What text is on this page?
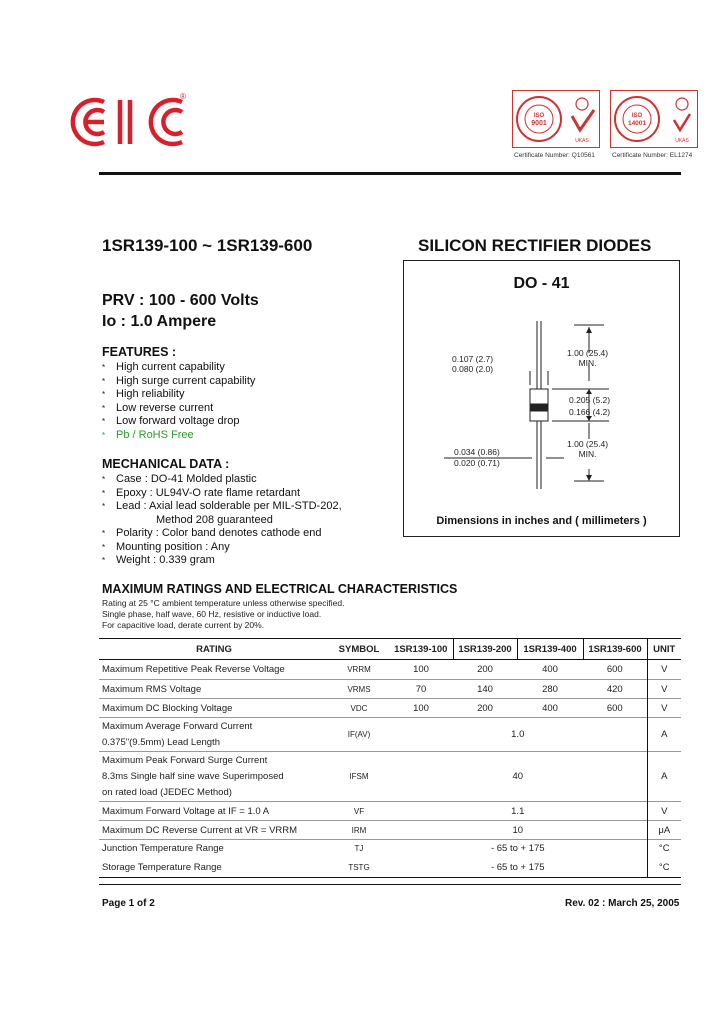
®
ISO
9001
UKAS
Certificate Number: Q10561
ISO
14001
UKAS
Certificate Number: EL1274
1SR139-100 ~ 1SR139-600	SILICON RECTIFIER DIODES
PRV : 100 - 600 Volts
Io : 1.0 Ampere
FEATURES :
* High current capability
* High surge current capability
* High reliability
* Low reverse current
* Low forward voltage drop
* Pb / RoHS Free
MECHANICAL DATA :
* Case : DO-41 Molded plastic
* Epoxy : UL94V-O rate flame retardant
* Lead : Axial lead solderable per MIL-STD-202,
Method 208 guaranteed
* Polarity : Color band denotes cathode end
* Mounting position : Any
* Weight : 0.339 gram
DO - 41
0.107 (2.7)
0.080 (2.0)
1.00 (25.4)
MIN.
0.205 (5.2)
0.166 (4.2)
1.00 (25.4)
MIN.
0.034 (0.86)
0.020 (0.71)
Dimensions in inches and ( millimeters )
MAXIMUM RATINGS AND ELECTRICAL CHARACTERISTICS
Rating at 25 °C ambient temperature unless otherwise specified.
Single phase, half wave, 60 Hz, resistive or inductive load.
For capacitive load, derate current by 20%.
RATING	SYMBOL	1SR139-100	1SR139-200	1SR139-400	1SR139-600	UNIT
Maximum Repetitive Peak Reverse Voltage	VRRM	100	200	400	600	V
Maximum RMS Voltage	VRMS	70	140	280	420	V
Maximum DC Blocking Voltage	VDC	100	200	400	600	V

Maximum Average Forward Current
0.375"(9.5mm) Lead Length	IF(AV)	1.0				A

Maximum Peak Forward Surge Current
8.3ms Single half sine wave Superimposed
on rated load (JEDEC Method)	IFSM	40				A
Maximum Forward Voltage at IF = 1.0 A	VF	1.1				V
Maximum DC Reverse Current at VR = VRRM	IRM	10				μA
Junction Temperature Range	TJ	- 65 to + 175				°C
Storage Temperature Range	TSTG	- 65 to + 175				°C
Page 1 of 2	Rev. 02 : March 25, 2005
